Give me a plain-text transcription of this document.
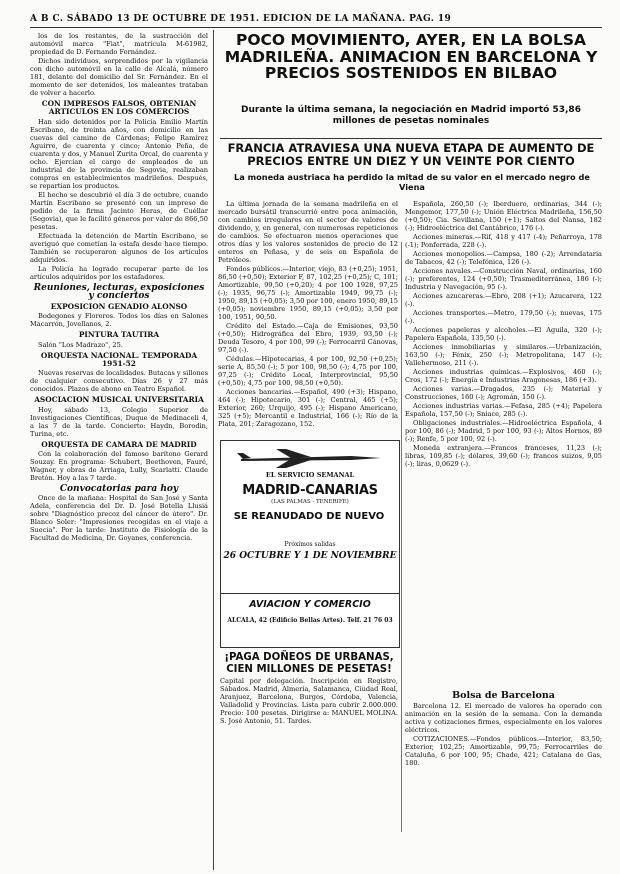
A B C. SÁBADO 13 DE OCTUBRE DE 1951. EDICION DE LA MAÑANA. PAG. 19

los de los restantes, de la sustracción del automóvil marca "Fiat", matrícula M-61982, propiedad de D. Fernando Fernández.

Dichos individuos, sorprendidos por la vigilancia con dicho automóvil en la calle de Alcalá, número 181, delante del domicilio del Sr. Fernández. En el momento de ser detenidos, los maleantes trataban de volver a hacerlo.

CON IMPRESOS FALSOS, OBTENIAN ARTICULOS EN LOS COMERCIOS

Han sido detenidos por la Policía Emilio Martín Escribano, de treinta años, con domicilio en las cuevas del camino de Cárdenas; Felipe Ramírez Aguirre, de cuarenta y cinco; Antonio Peña, de cuarenta y dos, y Manuel Zurita Orcal, de cuarenta y ocho. Ejercían el cargo de empleados de un industrial de la provincia de Segovia, realizaban compras en establecimientos madrileños. Después, se repartían los productos.

El hecho se descubrió el día 3 de octubre, cuando Martín Escribano se presentó con un impreso de pedido de la firma Jacinto Heras, de Cuéllar (Segovia), que le facilitó géneros por valor de 866,50 pesetas.

Efectuada la detención de Martín Escribano, se averiguó que cometían la estafa desde hace tiempo. También se recuperaron algunos de los artículos adquiridos.

La Policía ha logrado recuperar parte de los artículos adquiridos por los estafadores.

Reuniones, lecturas, exposiciones y conciertos
EXPOSICION GENADIO ALONSO

Bodegones y Floreros. Todos los días en Salones Macarrón, Jovellanos, 2.

PINTURA TAUTIRA

Salón "Los Madrazo", 25.

ORQUESTA NACIONAL. TEMPORADA 1951-52

Nuevas reservas de localidades. Butacas y sillones de cualquier consecutivo. Días 26 y 27 más conocidos. Plazos de abono en Teatro Español.

ASOCIACION MUSICAL UNIVERSITARIA

Hoy, sábado 13, Colegio Superior de Investigaciones Científicas, Duque de Medinaceli 4, a las 7 de la tarde. Concierto: Haydn, Borodin, Turina, etc.

ORQUESTA DE CAMARA DE MADRID

Con la colaboración del famoso barítono Gerard Souzay. En programa: Schubert, Beethoven, Fauré, Wagner, y obras de Arriaga, Lully, Scarlatti. Claude Bretón. Hoy a las 7 tarde.

Convocatorias para hoy

Once de la mañana: Hospital de San José y Santa Adela, conferencia del Dr. D. José Botella Llusiá sobre "Diagnóstico precoz del cáncer de útero". Dr. Blanco Soler: "Impresiones recogidas en el viaje a Suecia". Por la tarde: Instituto de Fisiología de la Facultad de Medicina, Dr. Goyanes, conferencia.

POCO MOVIMIENTO, AYER, EN LA BOLSA MADRILEÑA. ANIMACION EN BARCELONA Y PRECIOS SOSTENIDOS EN BILBAO
Durante la última semana, la negociación en Madrid importó 53,86 millones de pesetas nominales
FRANCIA ATRAVIESA UNA NUEVA ETAPA DE AUMENTO DE PRECIOS ENTRE UN DIEZ Y UN VEINTE POR CIENTO
La moneda austriaca ha perdido la mitad de su valor en el mercado negro de Viena

La última jornada de la semana madrileña en el mercado bursátil transcurrió entre poca animación, con cambios irregulares en el sector de valores de dividendo, y, en general, con numerosas repeticiones de cambios. Se efectuaron menos operaciones que otros días y los valores sostenidos de precio de 12 enteros en Peñasa, y de seis en Española de Petróleos.

Fondos públicos.—Interior, viejo, 83 (+0,25); 1951, 86,50 (+0,50); Exterior F, 87, 102,25 (+0,25); C, 101; Amortizable, 99,50 (+0,20); 4 por 100 1928, 97,25 (-); 1935, 96,75 (-); Amortizable 1949, 99,75 (-); 1950, 89,15 (+0,05); 3,50 por 100, enero 1950, 89,15 (+0,05); noviembre 1950, 89,15 (+0,05); 3,50 por 100, 1951, 90,50.

Crédito del Estado.—Caja de Emisiones, 93,50 (+0,50); Hidrográfica del Ebro, 1939, 93,50 (-); Deuda Tesoro, 4 por 100, 99 (-); Ferrocarril Cánovas, 97,50 (-).

Cédulas.—Hipotecarias, 4 por 100, 92,50 (+0,25); serie A, 85,50 (-); 5 por 100, 98,50 (-); 4,75 por 100, 97,25 (-); Crédito Local, Interprovincial, 95,50 (+0,50); 4,75 por 100, 98,50 (+0,50).

Acciones bancarias.—Español, 490 (+3); Hispano, 464 (-); Hipotecario, 301 (-); Central, 465 (+5); Exterior, 260; Urquijo, 495 (-); Hispano Americano, 325 (+5); Mercantil e Industrial, 166 (-); Río de la Plata, 201; Zaragozano, 152.

EL SERVICIO SEMANAL
MADRID-CANARIAS
(LAS PALMAS - TENERIFE)
SE REANUDADO DE NUEVO
Próximos salidas
26 OCTUBRE Y 1 DE NOVIEMBRE
AVIACION Y COMERCIO
ALCALA, 42 (Edificio Bellas Artes). Telf. 21 76 03
¡PAGA DOÑEOS DE URBANAS, CIEN MILLONES DE PESETAS!
Capital por delegación. Inscripción en Registro, Sábados. Madrid, Almería, Salamanca, Ciudad Real, Aranjuez, Barcelona, Burgos, Córdoba, Valencia, Valladolid y Provincias. Lista para cubrir 2.000.000. Precio: 100 pesetas. Dirigirse a: MANUEL MOLINA. S. José Antonio, 51. Tardes.

Española, 260,50 (-); Iberduero, ordinarias, 344 (-); Mengemor, 177,50 (-); Unión Eléctrica Madrileña, 156,50 (+0,50); Cia. Sevillana, 150 (+1); Saltos del Nansa, 182 (-); Hidroeléctrica del Cantábrico, 176 (-).

Acciones mineras.—Rif, 418 y 417 (-4); Peñarroya, 178 (-1); Ponferrada, 228 (-).

Acciones monopolios.—Campsa, 180 (-2); Arrendataria de Tabacos, 42 (-); Telefónica, 126 (-).

Acciones navales.—Construcción Naval, ordinarias, 160 (-); preferentes, 124 (+0,50); Trasmediterránea, 186 (-); Industria y Navegación, 95 (-).

Acciones azucareras.—Ebro, 208 (+1); Azucarera, 122 (-).

Acciones transportes.—Metro, 179,50 (-); nuevas, 175 (-).

Acciones papeleras y alcoholes.—El Aguila, 320 (-); Papelera Española, 135,50 (-).

Acciones inmobiliarias y similares.—Urbanización, 163,50 (-); Fénix, 250 (-); Metropolitana, 147 (-); Vallehermoso, 211 (-).

Acciones industrias químicas.—Explosivos, 460 (-); Cros, 172 (-); Energía e Industrias Aragonesas, 186 (+3).

Acciones varias.—Dragados, 235 (-); Material y Construcciones, 160 (-); Agromán, 150 (-).

Acciones industrias varias.—Fefasa, 285 (+4); Papelera Española, 157,50 (-); Sniace, 285 (-).

Obligaciones industriales.—Hidroeléctrica Española, 4 por 100, 86 (-); Madrid, 5 por 100, 93 (-); Altos Hornos, 89 (-); Renfe, 5 por 100, 92 (-).

Moneda extranjera.—Francos franceses, 11,23 (-); libras, 109,85 (-); dólares, 39,60 (-); francos suizos, 9,05 (-); liras, 0,0629 (-).

Bolsa de Barcelona

Barcelona 12. El mercado de valores ha operado con animación en la sesión de la semana. Con la demanda activa y cotizaciones firmes, especialmente en los valores eléctricos.

COTIZACIONES.—Fondos públicos.—Interior, 83,50; Exterior, 102,25; Amortizable, 99,75; Ferrocarriles de Cataluña, 6 por 100, 95; Chade, 421; Catalana de Gas, 180.
